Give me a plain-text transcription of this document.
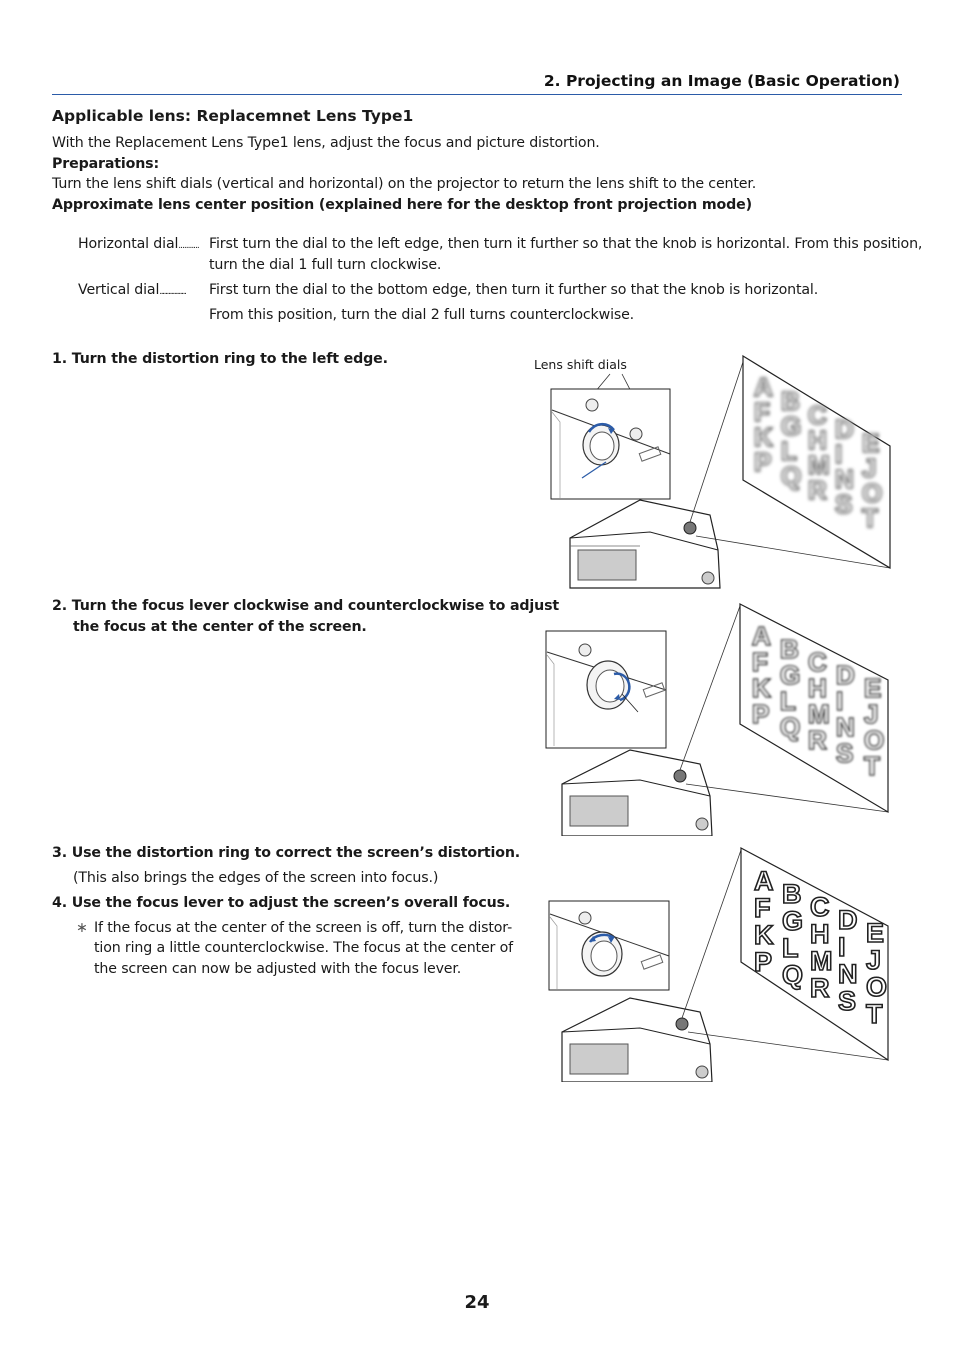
2. Projecting an Image (Basic Operation)
Applicable lens: Replacemnet Lens Type1
With the Replacement Lens Type1 lens, adjust the focus and picture distortion.
Preparations:
Turn the lens shift dials (vertical and horizontal) on the projector to return the lens shift to the center.
Approximate lens center position (explained here for the desktop front projection mode)
Horizontal dial........... First turn the dial to the left edge, then turn it further so that the knob is horizontal. From this position,
turn the dial 1 full turn clockwise.
Vertical dial.................. First turn the dial to the bottom edge, then turn it further so that the knob is horizontal.
From this position, turn the dial 2 full turns counterclockwise.
1. Turn the distortion ring to the left edge.
2. Turn the focus lever clockwise and counterclockwise to adjust
the focus at the center of the screen.
3. Use the distortion ring to correct the screen’s distortion.
(This also brings the edges of the screen into focus.)
4. Use the focus lever to adjust the screen’s overall focus.
∗ If the focus at the center of the screen is off, turn the distor-
tion ring a little counterclockwise. The focus at the center of
the screen can now be adjusted with the focus lever.
Lens shift dials
A
F
K
P
B
G
L
Q
C
H
M
R
D
I
N
S
E
J
O
T
A
F
K
P
B
G
L
Q
C
H
M
R
D
I
N
S
E
J
O
T
A
F
K
P
B
G
L
Q
C
H
M
R
D
I
N
S
E
J
O
T
24
